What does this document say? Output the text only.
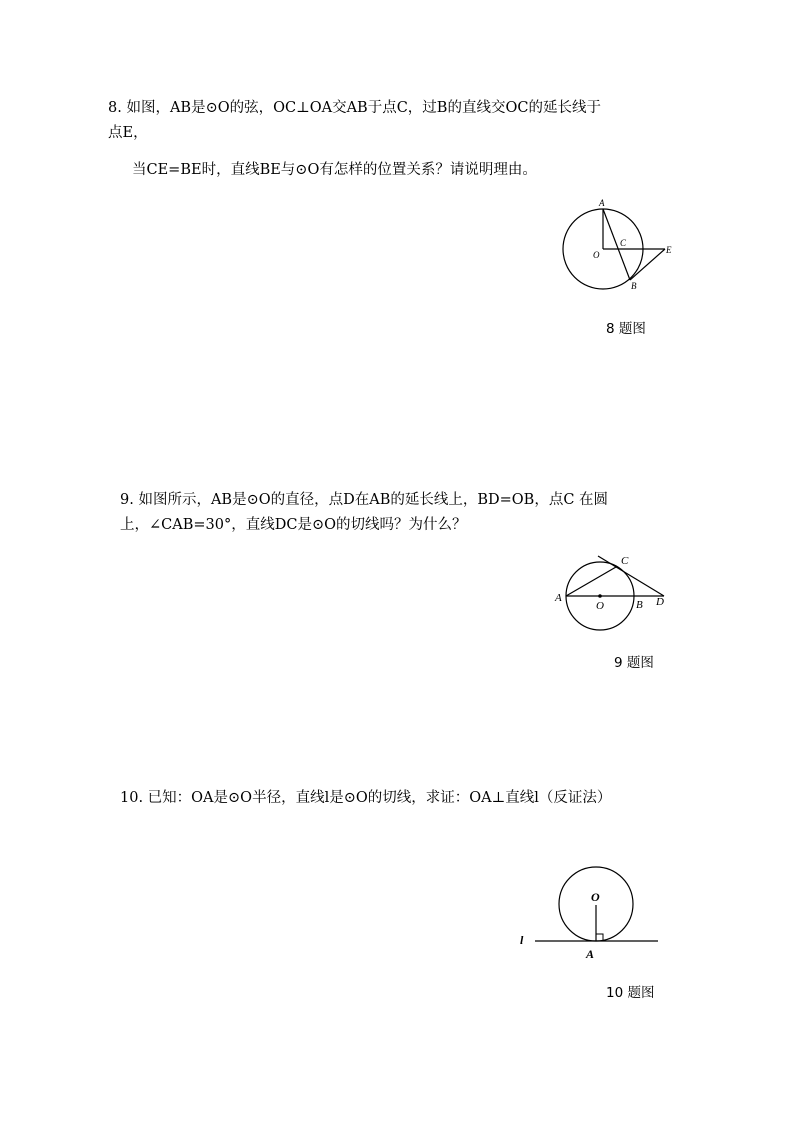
8. 如图，AB是⊙O的弦，OC⊥OA交AB于点C，过B的直线交OC的延长线于
点E，
当CE=BE时，直线BE与⊙O有怎样的位置关系？请说明理由。
A
O
C
E
B
8 题图
9. 如图所示，AB是⊙O的直径，点D在AB的延长线上，BD=OB，点C 在圆
上，∠CAB=30°，直线DC是⊙O的切线吗？为什么？
A
O	B D
C
9 题图
10. 已知：OA是⊙O半径，直线l是⊙O的切线，求证：OA⊥直线l（反证法）
O
A
l
10 题图
